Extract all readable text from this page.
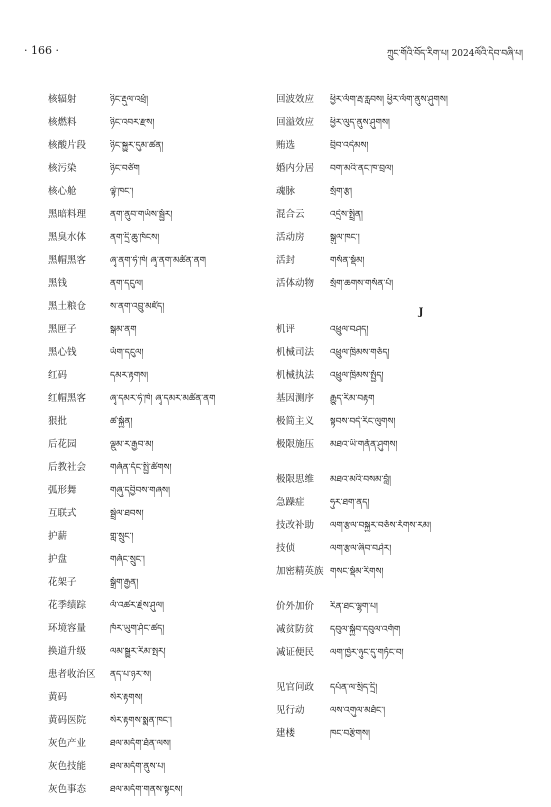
· 166 ·	ཀྲུང་གོའི་བོད་རིག་པ། 2024ལོའི་དེབ་བཞི་པ།
核辐射	ཉིང་རྡུལ་འཕྲོ།
核燃料	ཉིང་འབར་རྫས།
核酸片段	ཉིང་སྐྱུར་དུམ་ཚན།
核污染	ཉིང་བཙོག
核心舱	ལྟེ་ཁང་།
黑暗料理	ནག་ནུབ་གཡོས་སྦྱོར།
黑臭水体	ནག་དྲི་ཆུ་ཁོངས།
黑帽黑客	ཞྭ་ནག་ཧེ་ཁེ། ཞྭ་ནག་མཚོན་ནག
黑钱	ནག་དངུལ།
黑土粮仓	ས་ནག་འབྲུ་མཛོད།
黑匣子	སྒམ་ནག
黑心钱	ཡོག་དངུལ།
红码	དམར་རྟགས།
红帽黑客	ཞྭ་དམར་ཧེ་ཁེ། ཞྭ་དམར་མཚོན་ནག
狠批	ཚ་སྐྱོན།
后花园	ལྡུམ་ར་རྒྱབ་མ།
后教社会	གཞོན་དོང་སྤྱི་ཚོགས།
弧形舞	གཞུ་དབྱིབས་གཞས།
互联式	སྦྲེལ་ཐབས།
护薪	གླ་སྲུང་།
护盘	གཞོང་སྲུང་།
花架子	སྒྲོག་རྒྱན།
花季绩踪	ལོ་འཚར་རྗེས་ཤུལ།
环境容量	ཁོར་ཡུག་ཤོང་ཚད།
换道升级	ལམ་སྒྱུར་རིམ་སྤར།
患者收治区	ནད་པ་ཉར་ས།
黄码	སེར་རྟགས།
黄码医院	སེར་རྟགས་སྨན་ཁང་།
灰色产业	ཐལ་མདོག་ཐོན་ལས།
灰色技能	ཐལ་མདོག་ནུས་པ།
灰色事态	ཐལ་མདོག་གནས་སྟངས།
回波效应	ཕྱིར་ལོག་རྦ་རླབས། ཕྱིར་ལོག་ནུས་ཤུགས།
回溢效应	ཕྱིར་ལུད་ནུས་ཤུགས།
贿选	བྲིབ་འདེམས།
婚内分居	བག་མའི་ནང་ཁ་བྲལ།
魂脉	སྲོག་རྩ།
混合云	འདྲེས་སྤྲིན།
活动房	སྒུལ་ཁང་།
活封	གསོན་སྡོམ།
活体动物	སྲོག་ཆགས་གསོན་པོ།
J
机评	འཕྲུལ་བཤད།
机械司法	འཕྲུལ་ཁྲིམས་གཅོད།
机械执法	འཕྲུལ་ཁྲིམས་སྤྱོད།
基因测序	རྒྱུད་རིམ་བརྟག
极简主义	སྟབས་བདེ་རིང་ལུགས།
极限施压	མཐའ་ཡི་གནོན་ཤུགས།
极限思维	མཐའ་མའི་བསམ་བློ།
急躁症	ཧུར་ཐག་ནད།
技改补助	ལག་རྩལ་བསྐྱར་བཅོས་རོགས་རམ།
技侦	ལག་རྩལ་ཞིབ་བཤེར།
加密精英族 གསང་སྡོམ་རིགས།
价外加价	རིན་ཐང་ལྷག་པ།
减贫防贫	དབུལ་སྐྱོབ་དབུལ་འགོག
减证便民	ལག་ཁྱེར་ཉུང་དུ་གཏོང་བ།
见官问政	དཔོན་ལ་སྲིད་དྲི།
见行动	ལས་འགུལ་མཐོང་།
建楼	ཁང་བརྩིགས།
